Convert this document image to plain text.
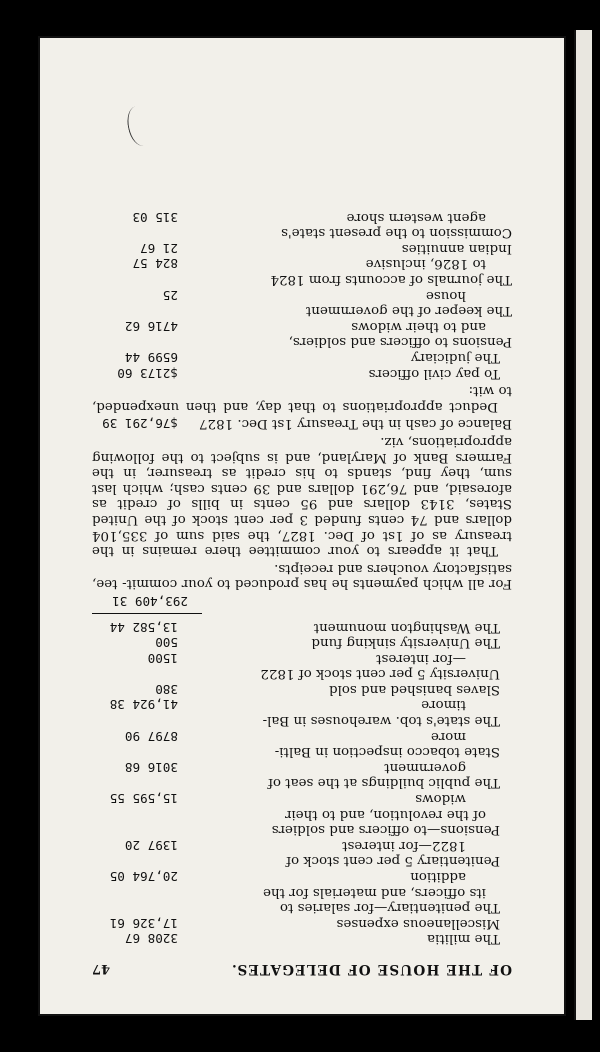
OF THE HOUSE OF DELEGATES.
47
The militia
3208 67
Miscellaneous expenses
17,326 61
The penitentiary—for salaries to
its officers, and materials for the
addition
20,764 05
Penitentiary 5 per cent stock of
1822—for interest
1397 20
Pensions—to officers and soldiers
of the revolution, and to their
widows
15,595 55
The public buildings at the seat of
government
3016 68
State tobacco inspection in Balti-
more
8797 90
The state's tob. warehouses in Bal-
timore
41,924 38
Slaves banished and sold
380
University 5 per cent stock of 1822
—for interest
1500
The University sinking fund
500
The Washington monument
13,582 44
293,409 31
For all which payments he has produced to your commit- tee, satisfactory vouchers and receipts.
That it appears to your committee there remains in the treasury as of 1st of Dec. 1827, the said sum of 335,104 dollars and 74 cents funded 3 per cent stock of the United States, 3143 dollars and 95 cents in bills of credit as aforesaid, and 76,291 dollars and 39 cents cash; which last sum, they find, stands to his credit as treasurer, in the Farmers Bank of Maryland, and is subject to the following appropriations, viz.
Balance of cash in the Treasury 1st Dec. 1827
$76,291 39
Deduct appropriations to that day, and then unexpended, to wit:
To pay civil officers
$2173 60
The judiciary
6599 44
Pensions to officers and soldiers,
and to their widows
4716 62
The keeper of the government
house
25
The journals of accounts from 1824
to 1826, inclusive
824 57
Indian annuities
21 67
Commission to the present state's
agent western shore
315 03
